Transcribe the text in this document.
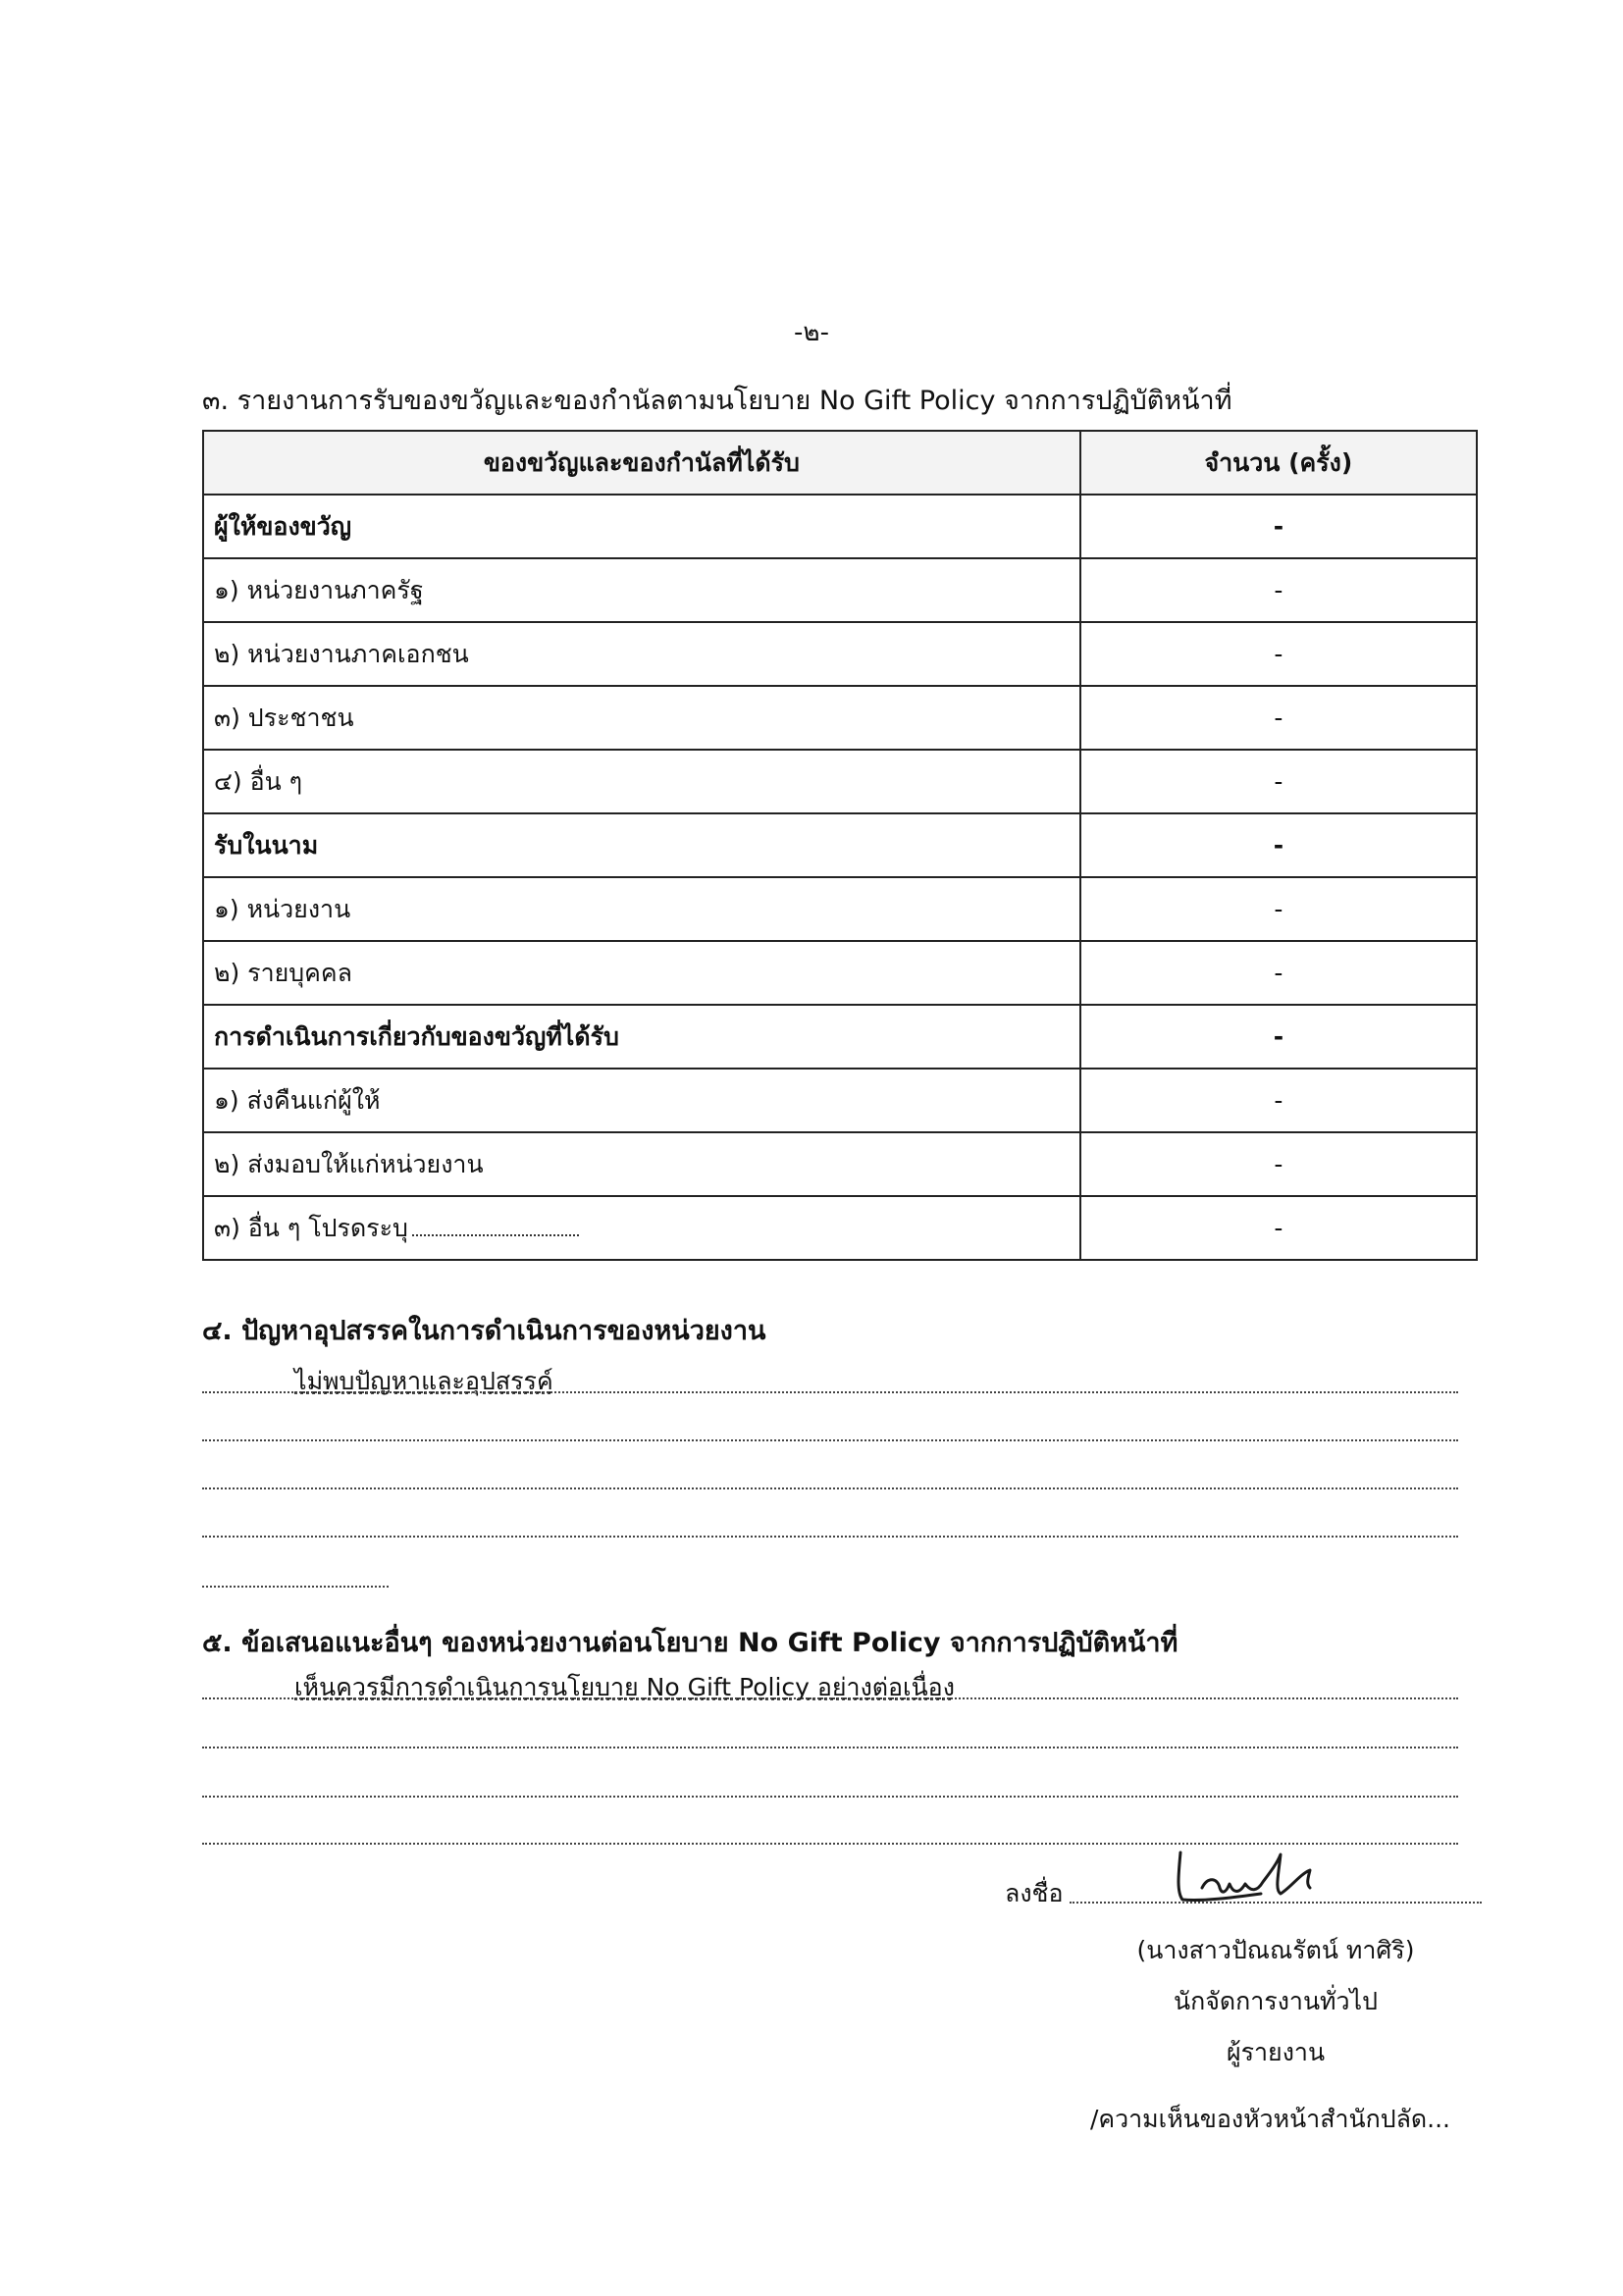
-๒-
๓. รายงานการรับของขวัญและของกำนัลตามนโยบาย No Gift Policy จากการปฏิบัติหน้าที่
ของขวัญและของกำนัลที่ได้รับ	จำนวน (ครั้ง)
ผู้ให้ของขวัญ	-
๑) หน่วยงานภาครัฐ	-
๒) หน่วยงานภาคเอกชน	-
๓) ประชาชน	-
๔) อื่น ๆ	-
รับในนาม	-
๑) หน่วยงาน	-
๒) รายบุคคล	-
การดำเนินการเกี่ยวกับของขวัญที่ได้รับ	-
๑) ส่งคืนแก่ผู้ให้	-
๒) ส่งมอบให้แก่หน่วยงาน	-
๓) อื่น ๆ โปรดระบุ	-
๔. ปัญหาอุปสรรคในการดำเนินการของหน่วยงาน
ไม่พบปัญหาและอุปสรรค์
๕. ข้อเสนอแนะอื่นๆ ของหน่วยงานต่อนโยบาย No Gift Policy จากการปฏิบัติหน้าที่
เห็นควรมีการดำเนินการนโยบาย No Gift Policy อย่างต่อเนื่อง
ลงชื่อ
(นางสาวปัณณรัตน์ ทาศิริ)
นักจัดการงานทั่วไป
ผู้รายงาน
/ความเห็นของหัวหน้าสำนักปลัด...
